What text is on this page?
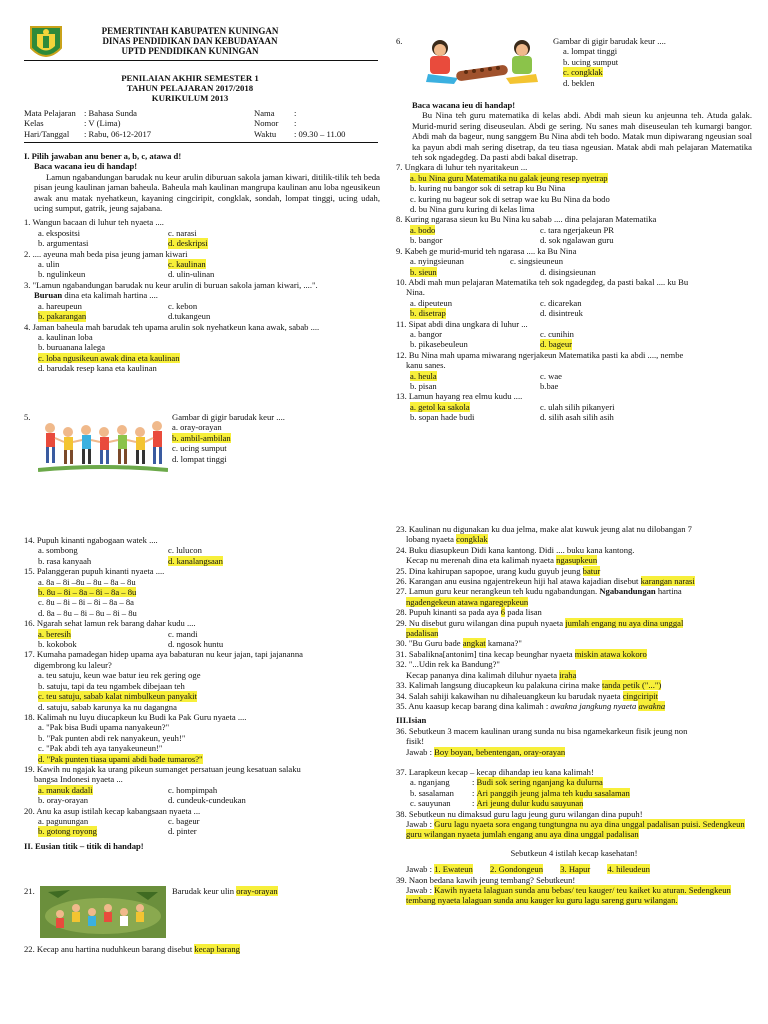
PEMERTINTAH KABUPATEN KUNINGAN
DINAS PENDIDIKAN DAN KEBUDAYAAN
UPTD PENDIDIKAN KUNINGAN
PENILAIAN AKHIR SEMESTER 1
TAHUN PELAJARAN 2017/2018
KURIKULUM 2013
Mata Pelajaran : Bahasa Sunda	Nama	:
Kelas	: V (Lima)	Nomor	:
Hari/Tanggal	: Rabu, 06-12-2017	Waktu	: 09.30 – 11.00

I. Pilih jawaban anu bener a, b, c, atawa d!

Baca wacana ieu di handap!

Lamun ngabandungan barudak nu keur arulin diburuan sakola jaman kiwari, ditilik-tilik teh beda pisan jeung kaulinan jaman baheula. Baheula mah kaulinan mangrupa kaulinan anu loba ngeusikeun awak anu matak nyehatkeun, kayaning cingciripit, congklak, sondah, lompat tinggi, ucing udah, ucing sumput, gatrik, jeung sajabana.

1. Wangun bacaan di luhur teh nyaeta ....

a. ekspositsi	c. narasi
b. argumentasi	d. deskripsi

2. .... ayeuna mah beda pisa jeung jaman kiwari

a. ulin	c. kaulinan
b. ngulinkeun	d. ulin-ulinan

3. "Lamun ngabandungan barudak nu keur arulin di buruan sakola jaman kiwari, ....".

Buruan dina eta kalimah hartina ....

a. hareupeun	c. kebon
b. pakarangan	d.tukangeun

4. Jaman baheula mah barudak teh upama arulin sok nyehatkeun kana awak, sabab ....

a. kaulinan loba
b. buruanana lalega
c. loba ngusikeun awak dina eta kaulinan
d. barudak resep kana eta kaulinan
5.	Gambar di gigir barudak keur ....

a. oray-orayan

b. ambil-ambilan

c. ucing sumput

d. lompat tinggi

6.	Gambar di gigir barudak keur ....

a. lompat tinggi

b. ucing sumput

c. congklak

d. beklen

Baca wacana ieu di handap!

Bu Nina teh guru matematika di kelas abdi. Abdi mah sieun ku anjeunna teh. Atuda galak. Murid-murid sering diseuseulan. Abdi ge sering. Nu sanes mah diseuseulan teh kumargi bangor. Abdi mah da bageur, nung sanggem Bu Nina abdi teh bodo. Matak mun dipiwarang ngeusian soal ka payun abdi mah sering disetrap, da teu tiasa ngeusian. Matak abdi mah pelajaran Matematika teh sok ngadegdeg. Da pasti abdi bakal disetrap.

7. Ungkara di luhur teh nyaritakeun ...

a. bu Nina guru Matematika nu galak jeung resep nyetrap
b. kuring nu bangor sok di setrap ku Bu Nina
c. kuring nu bageur sok di setrap wae ku Bu Nina da bodo
d. bu Nina guru kuring di kelas lima

8. Kuring ngarasa sieun ku Bu Nina ku sabab .... dina pelajaran Matematika

a. bodo	c. tara ngerjakeun PR
b. bangor	d. sok ngalawan guru

9. Kabeh ge murid-murid teh ngarasa .... ka Bu Nina

a. nyingsieunan	c. singsieuneun
b. sieun	d. disingsieunan

10. Abdi mah mun pelajaran Matematika teh sok ngadegdeg, da pasti bakal .... ku Bu

Nina.

a. dipeuteun	c. dicarekan
b. disetrap	d. disintreuk

11. Sipat abdi dina ungkara di luhur ...

a. bangor	c. cunihin
b. pikasebeuleun	d. bageur

12. Bu Nina mah upama miwarang ngerjakeun Matematika pasti ka abdi ...., nembe

kanu sanes.

a. heula	c. wae
b. pisan	b.bae

13. Lamun hayang rea elmu kudu ....

a. getol ka sakola	c. ulah silih pikanyeri
b. sopan hade budi	d. silih asah silih asih

14. Pupuh kinanti ngabogaan watek ....

a. sombong	c. lulucon
b. rasa kanyaah	d. kanalangsaan

15. Palanggeran pupuh kinanti nyaeta ....

a. 8a – 8i –8u – 8u – 8a – 8u
b. 8u – 8i – 8a – 8i – 8a – 8u
c. 8u – 8i – 8i – 8i – 8a – 8a
d. 8a – 8u – 8i – 8u – 8i – 8u

16. Ngarah sehat lamun rek barang dahar kudu ....

a. beresih	c. mandi
b. kokobok	d. ngosok huntu

17. Kumaha pamadegan hidep upama aya babaturan nu keur jajan, tapi jajananna

digembrong ku laleur?

a. teu satuju, keun wae batur ieu rek gering oge
b. satuju, tapi da teu ngambek dibejaan teh
c. teu satuju, sabab kalat nimbulkeun panyakit
d. satuju, sabab karunya ka nu dagangna

18. Kalimah nu luyu diucapkeun ku Budi ka Pak Guru nyaeta ....

a. "Pak bisa Budi upama nanyakeun?"
b. "Pak punten abdi rek nanyakeun, yeuh!"
c. "Pak abdi teh aya tanyakeuneun!"
d. "Pak punten tiasa upami abdi bade tumaros?"

19. Kawih nu ngajak ka urang pikeun sumanget persatuan jeung kesatuan salaku

bangsa Indonesi nyaeta ...

a. manuk dadali	c. hompimpah
b. oray-orayan	d. cundeuk-cundeukan

20. Anu ka asup istilah kecap kabangsaan nyaeta ...

a. pagunungan	c. bageur
b. gotong royong	d. pinter

II. Eusian titik – titik di handap!

21.	Barudak keur ulin oray-orayan

22. Kecap anu hartina nuduhkeun barang disebut kecap barang

23. Kaulinan nu digunakan ku dua jelma, make alat kuwuk jeung alat nu dilobangan 7

lobang nyaeta congklak

24. Buku diasupkeun Didi kana kantong. Didi .... buku kana kantong.

Kecap nu merenah dina eta kalimah nyaeta ngasupkeun

25. Dina kahirupan sapopoe, urang kudu guyub jeung batur

26. Karangan anu eusina ngajentrekeun hiji hal atawa kajadian disebut karangan narasi

27. Lamun guru keur nerangkeun teh kudu ngabandungan. Ngabandungan hartina

ngadengekeun atawa ngaregepkeun

28. Pupuh kinanti sa pada aya 6 pada lisan

29. Nu disebut guru wilangan dina pupuh nyaeta jumlah engang nu aya dina unggal

padalisan

30. "Bu Guru bade angkat kamana?"

31. Sabalikna[antonim] tina kecap beunghar nyaeta miskin atawa kokoro

32. "...Udin rek ka Bandung?"

Kecap pananya dina kalimah diluhur nyaeta iraha

33. Kalimah langsung diucapkeun ku palakuna cirina make tanda petik ("...")

34. Salah sahiji kakawihan nu dihaleuangkeun ku barudak nyaeta cingciripit

35. Anu kaasup kecap barang dina kalimah : awakna jangkung nyaeta awakna

III.Isian

36. Sebutkeun 3 macem kaulinan urang sunda nu bisa ngamekarkeun fisik jeung non

fisik!

Jawab : Boy boyan, bebentengan, oray-orayan

37. Larapkeun kecap – kecap dihandap ieu kana kalimah!

a. nganjang	: Budi sok sering nganjang ka dulurna
b. sasalaman	: Ari panggih jeung jalma teh kudu sasalaman
c. sauyunan	: Ari jeung dulur kudu sauyunan

38. Sebutkeun nu dimaksud guru lagu jeung guru wilangan dina pupuh!

Jawab : Guru lagu nyaeta sora engang tungtungna nu aya dina unggal padalisan puisi. Sedengkeun guru wilangan nyaeta jumlah engang anu aya dina unggal padalisan

Sebutkeun 4 istilah kecap kasehatan!

Jawab : 1. Ewateun 2. Gondongeun 3. Hapur 4. hileudeun

39. Naon bedana kawih jeung tembang? Sebutkeun!

Jawab : Kawih nyaeta lalaguan sunda anu bebas/ teu kauger/ teu kaiket ku aturan. Sedengkeun tembang nyaeta lalaguan sunda anu kauger ku guru lagu sareng guru wilangan.
